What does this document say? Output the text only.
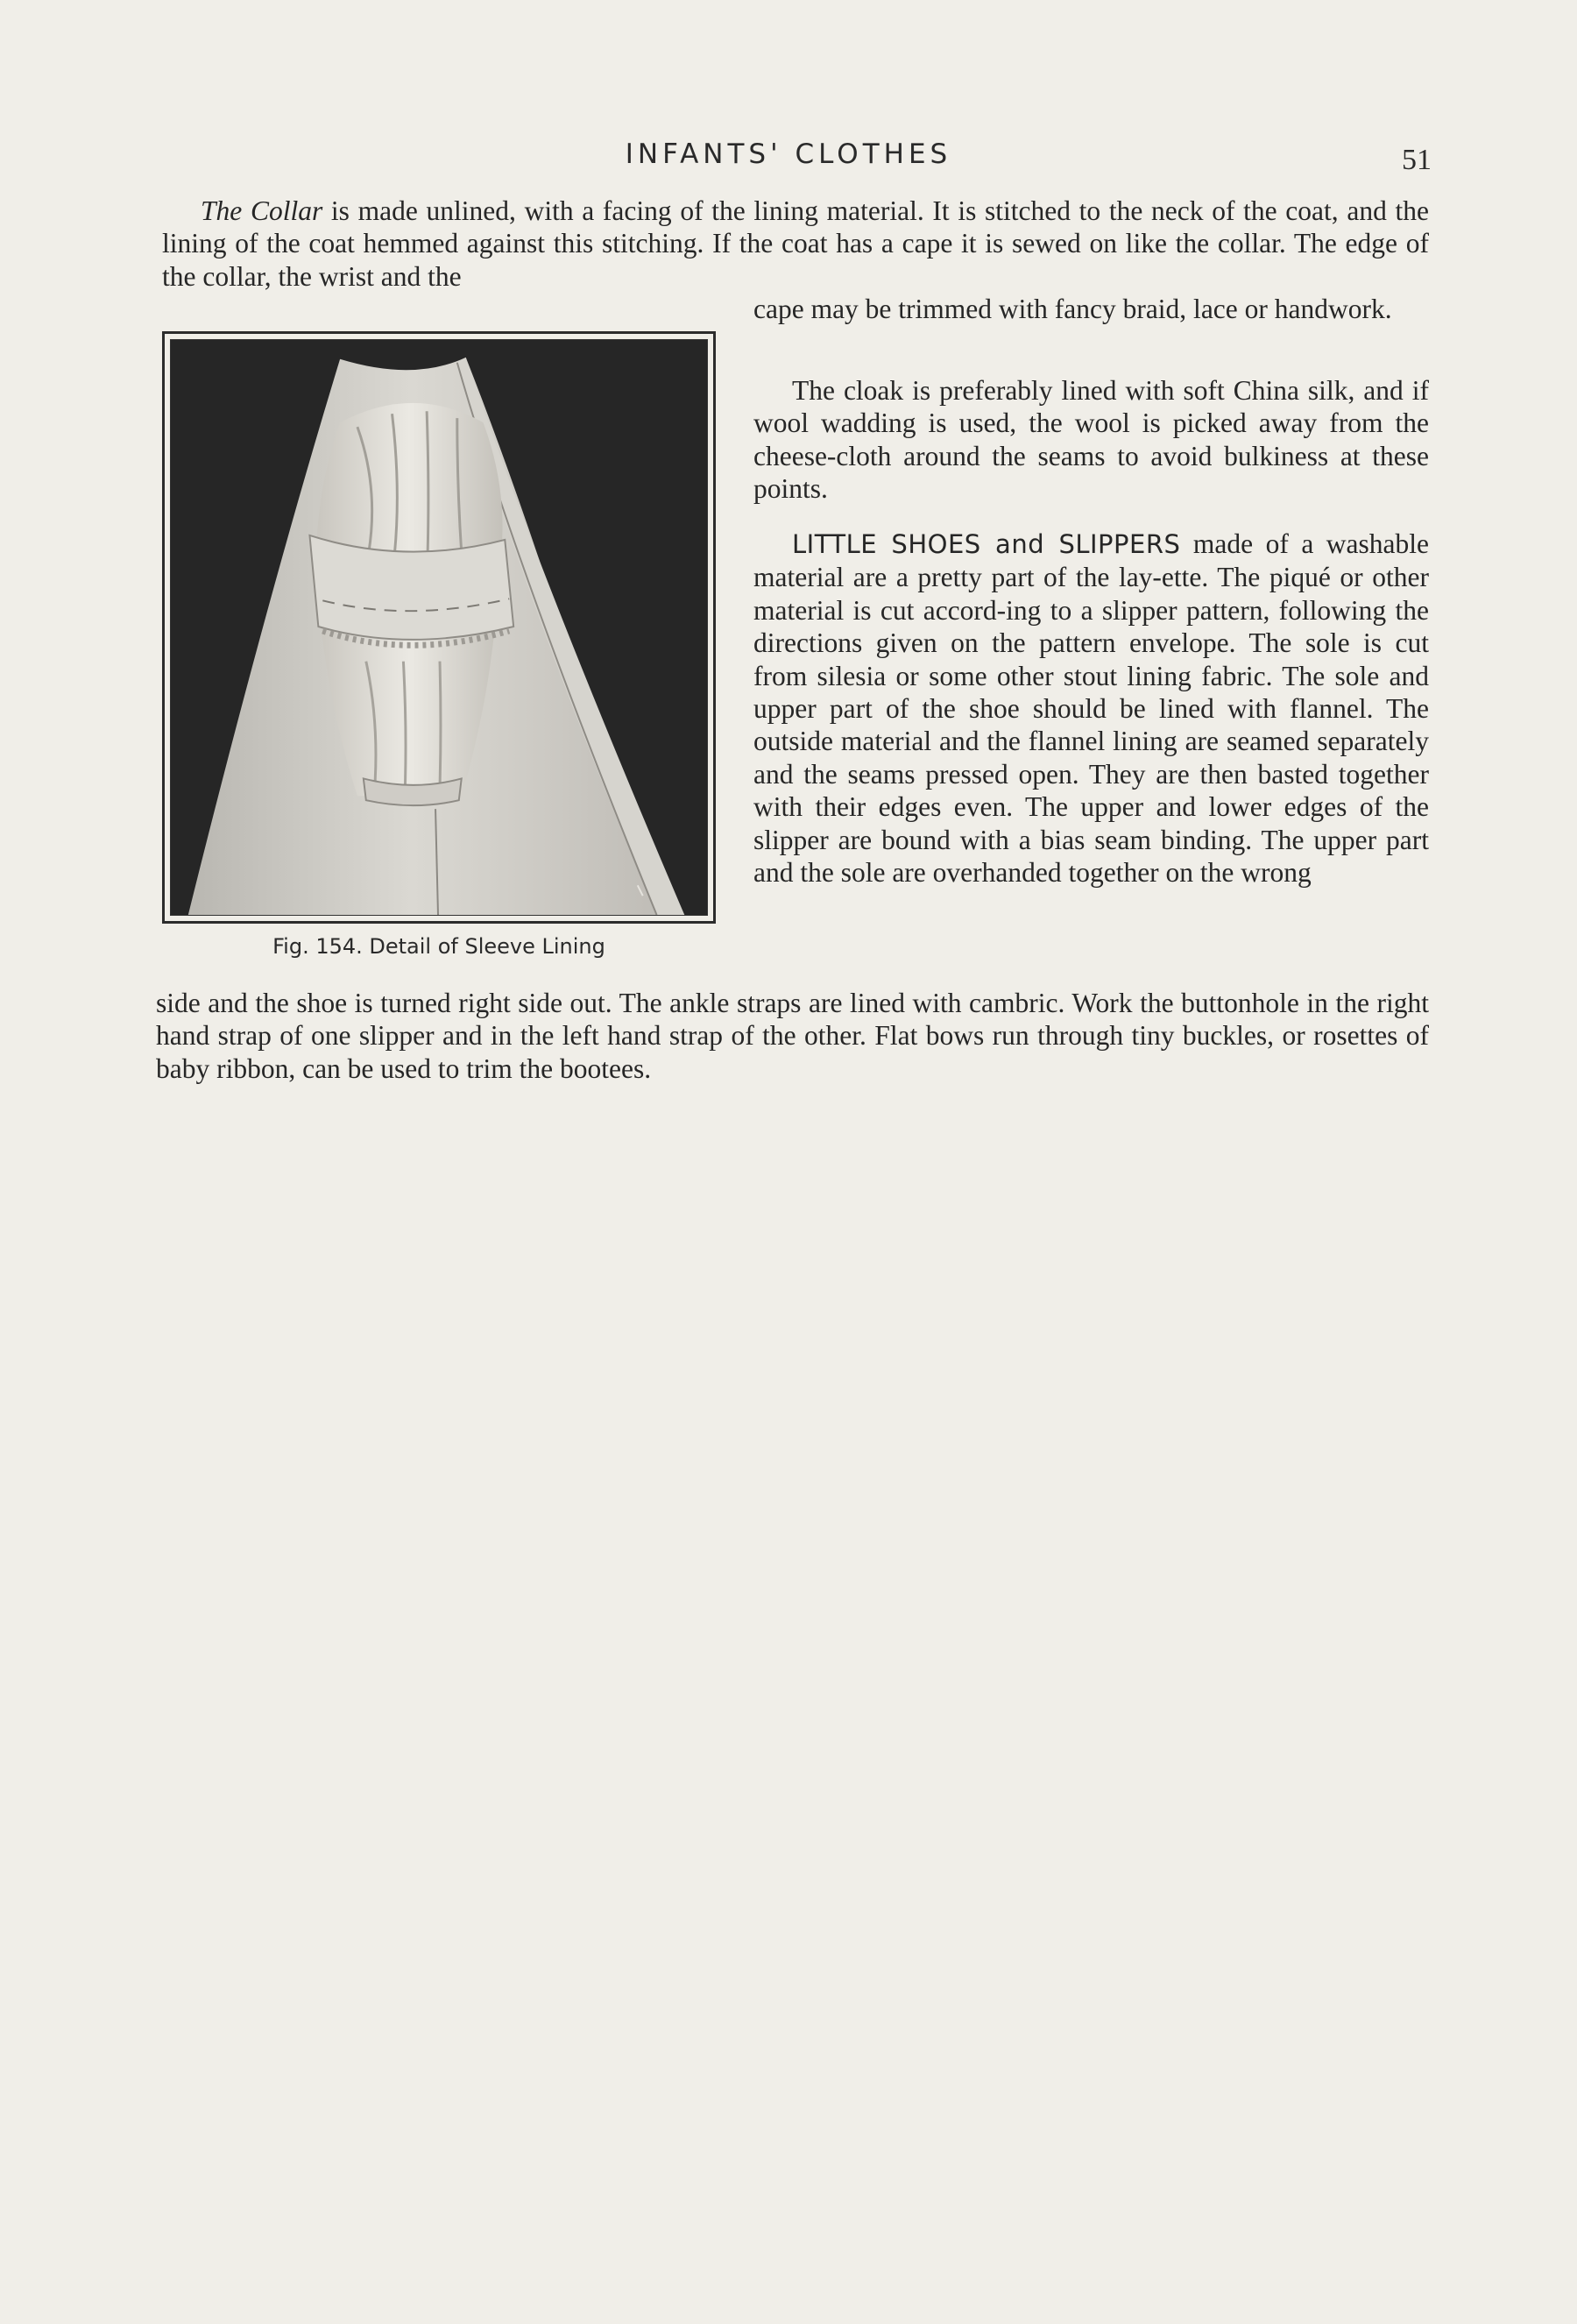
INFANTS' CLOTHES	51

The Collar is made unlined, with a facing of the lining material. It is stitched to the neck of the coat, and the lining of the coat hemmed against this stitching. If the coat has a cape it is sewed on like the collar. The edge of the collar, the wrist and the

cape may be trimmed with fancy braid, lace or handwork.

Fig. 154. Detail of Sleeve Lining

The cloak is preferably lined with soft China silk, and if wool wadding is used, the wool is picked away from the cheese-cloth around the seams to avoid bulkiness at these points.

LITTLE SHOES and SLIPPERS made of a washable material are a pretty part of the lay-ette. The piqué or other material is cut accord-ing to a slipper pattern, following the directions given on the pattern envelope. The sole is cut from silesia or some other stout lining fabric. The sole and upper part of the shoe should be lined with flannel. The outside material and the flannel lining are seamed separately and the seams pressed open. They are then basted together with their edges even. The upper and lower edges of the slipper are bound with a bias seam binding. The upper part and the sole are overhanded together on the wrong

side and the shoe is turned right side out. The ankle straps are lined with cambric. Work the buttonhole in the right hand strap of one slipper and in the left hand strap of the other. Flat bows run through tiny buckles, or rosettes of baby ribbon, can be used to trim the bootees.
